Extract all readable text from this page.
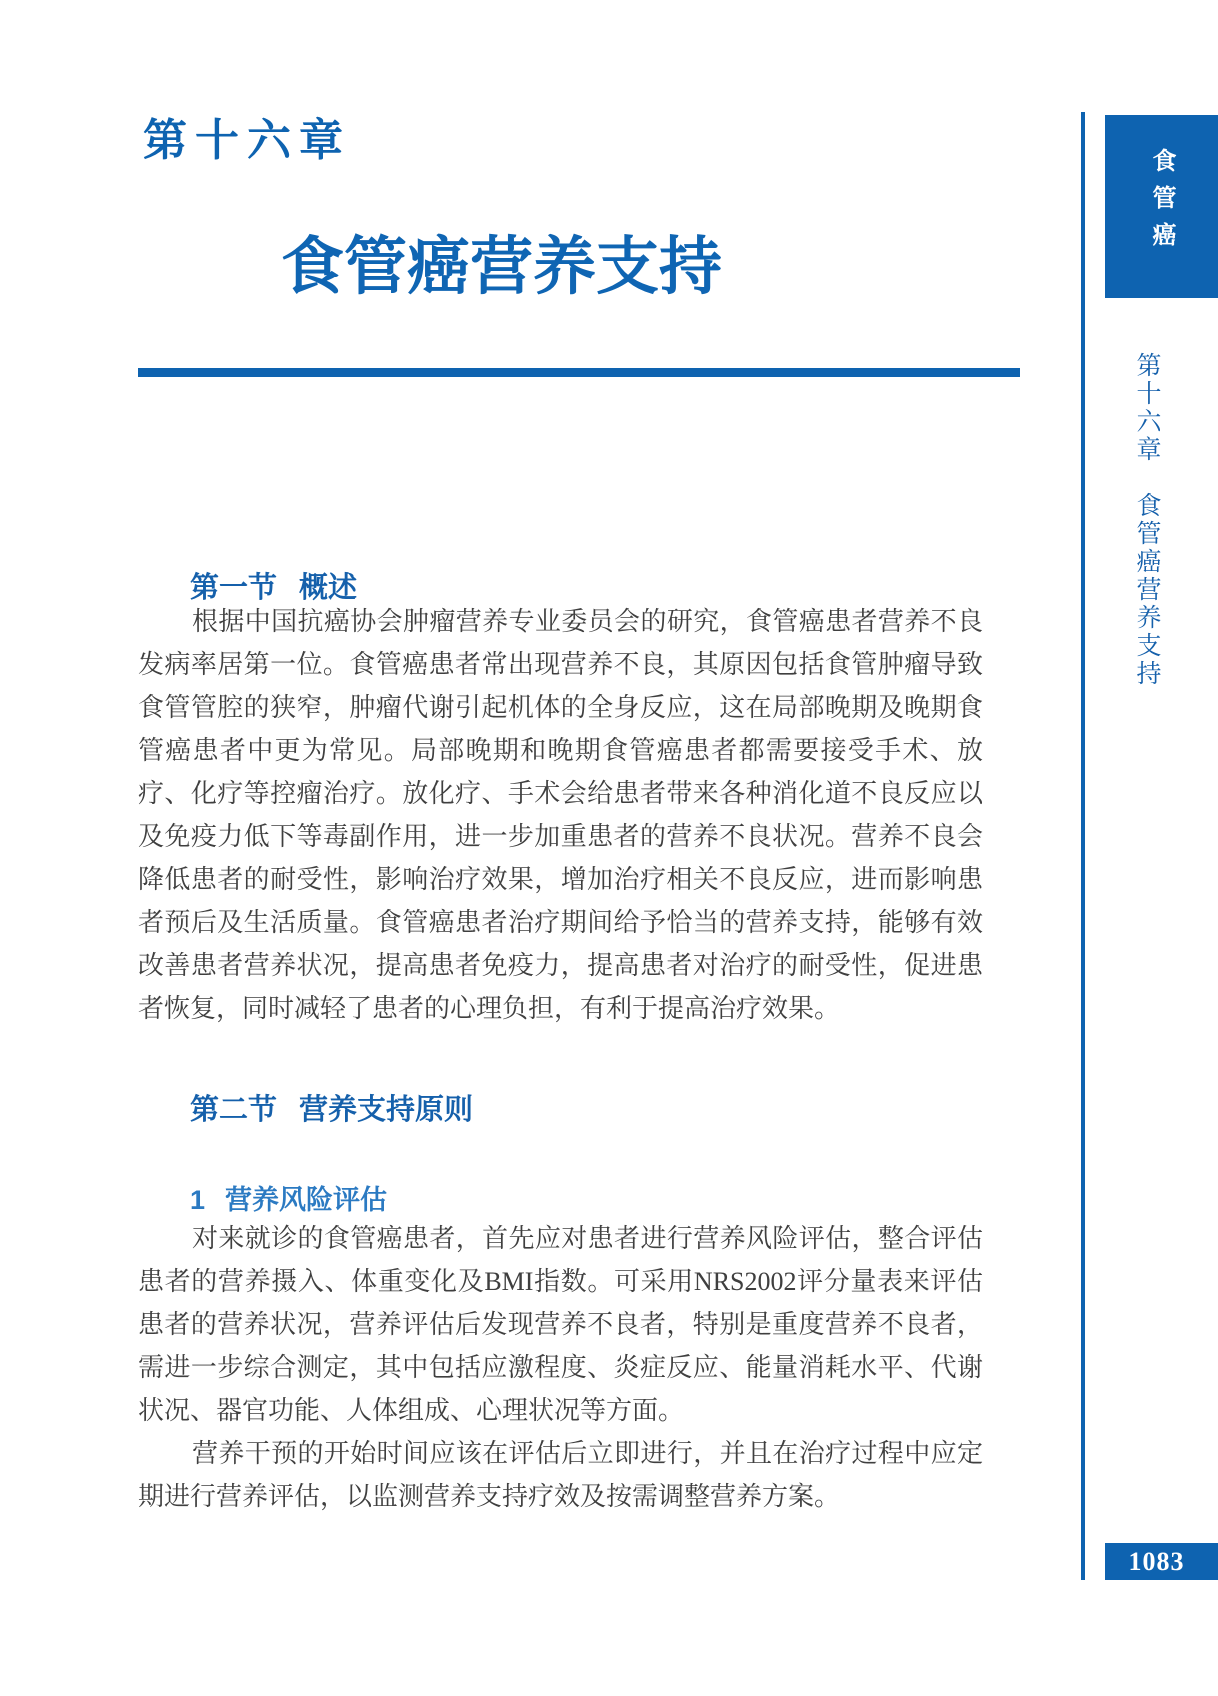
第十六章
食管癌营养支持
第一节 概述

根据中国抗癌协会肿瘤营养专业委员会的研究，食管癌患者营养不良发病率居第一位。食管癌患者常出现营养不良，其原因包括食管肿瘤导致食管管腔的狭窄，肿瘤代谢引起机体的全身反应，这在局部晚期及晚期食管癌患者中更为常见。局部晚期和晚期食管癌患者都需要接受手术、放疗、化疗等控瘤治疗。放化疗、手术会给患者带来各种消化道不良反应以及免疫力低下等毒副作用，进一步加重患者的营养不良状况。营养不良会降低患者的耐受性，影响治疗效果，增加治疗相关不良反应，进而影响患者预后及生活质量。食管癌患者治疗期间给予恰当的营养支持，能够有效改善患者营养状况，提高患者免疫力，提高患者对治疗的耐受性，促进患者恢复，同时减轻了患者的心理负担，有利于提高治疗效果。

第二节 营养支持原则
1 营养风险评估

对来就诊的食管癌患者，首先应对患者进行营养风险评估，整合评估患者的营养摄入、体重变化及BMI指数。可采用NRS2002评分量表来评估患者的营养状况，营养评估后发现营养不良者，特别是重度营养不良者，需进一步综合测定，其中包括应激程度、炎症反应、能量消耗水平、代谢状况、器官功能、人体组成、心理状况等方面。

营养干预的开始时间应该在评估后立即进行，并且在治疗过程中应定期进行营养评估，以监测营养支持疗效及按需调整营养方案。

食管癌
第十六章　食管癌营养支持
1083
